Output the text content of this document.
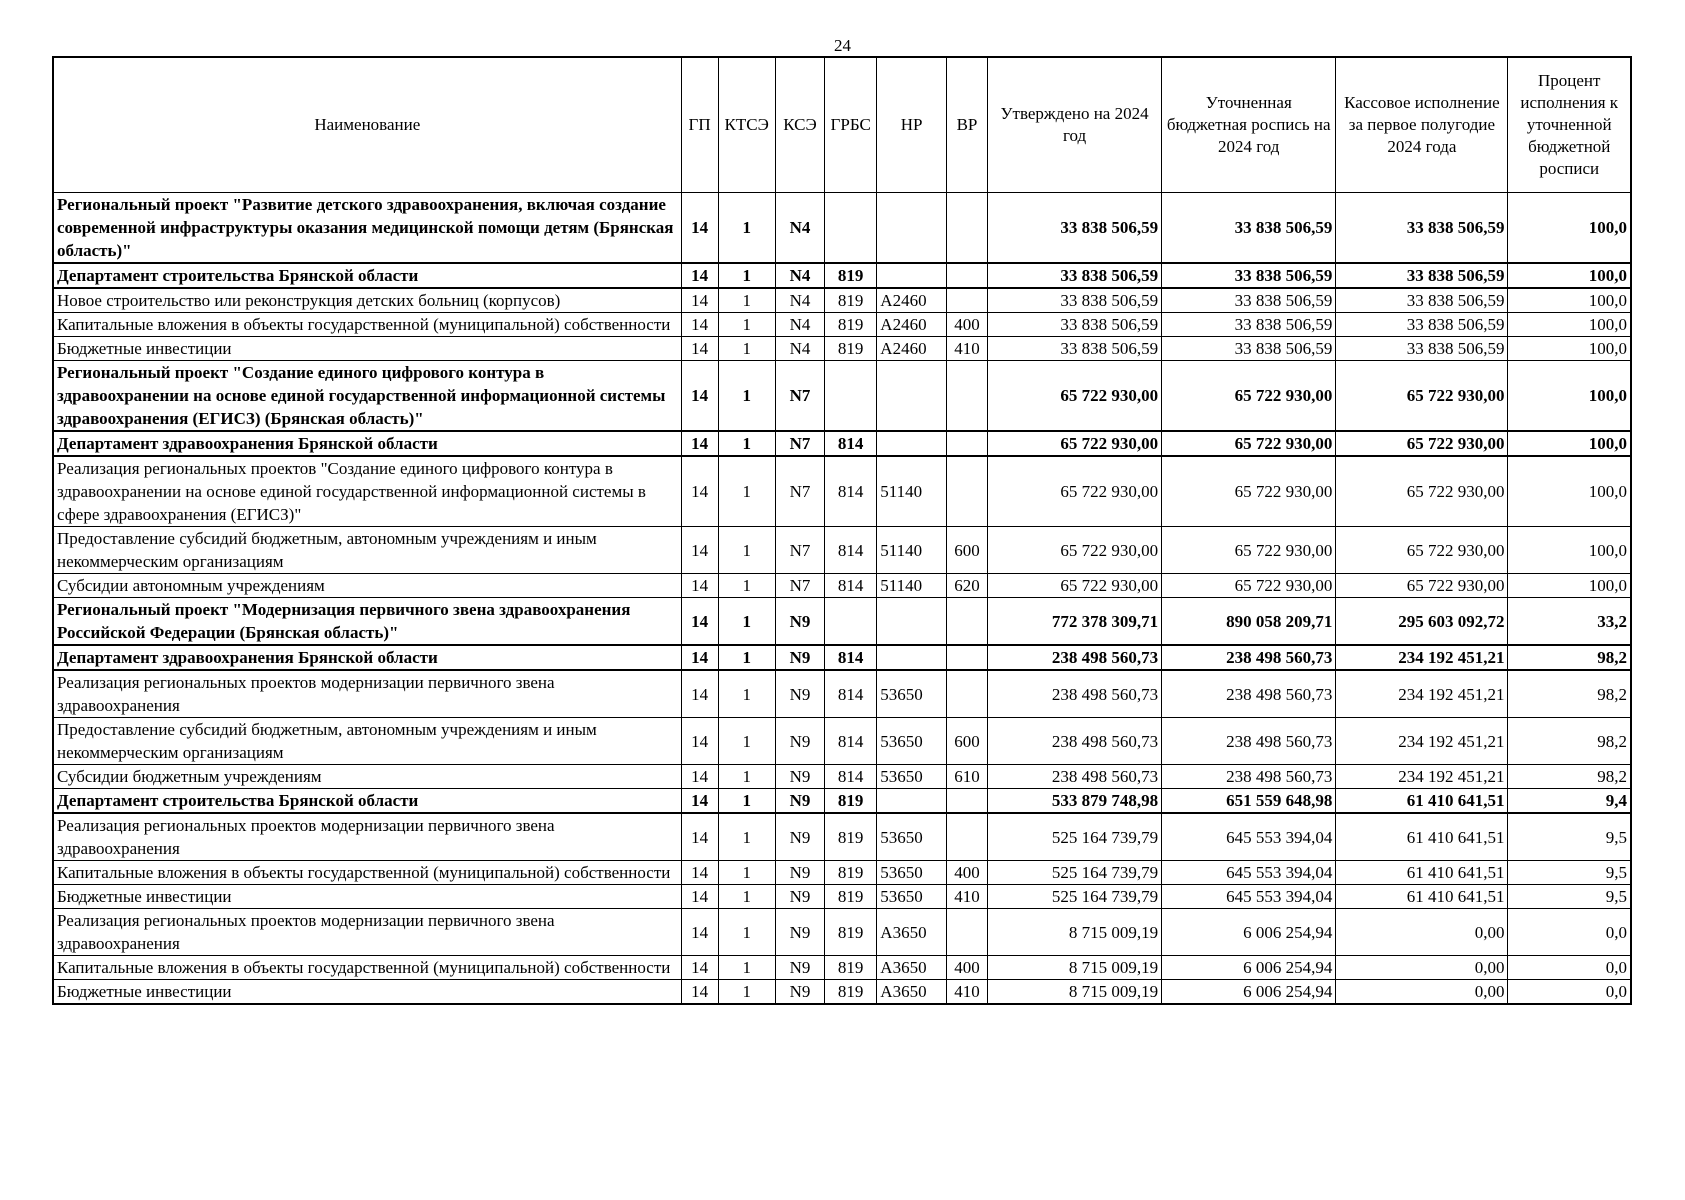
24
Наименование	ГП	КТСЭ	КСЭ	ГРБС	НР	ВР	Утверждено на 2024 год	Уточненная бюджетная роспись на 2024 год	Кассовое исполнение за первое полугодие 2024 года	Процент исполнения к уточненной бюджетной росписи
Региональный проект "Развитие детского здравоохранения, включая создание современной инфраструктуры оказания медицинской помощи детям (Брянская область)"	14	1	N4				33 838 506,59	33 838 506,59	33 838 506,59	100,0
Департамент строительства Брянской области	14	1	N4	819			33 838 506,59	33 838 506,59	33 838 506,59	100,0
Новое строительство или реконструкция детских больниц (корпусов)	14	1	N4	819	А2460		33 838 506,59	33 838 506,59	33 838 506,59	100,0
Капитальные вложения в объекты государственной (муниципальной) собственности	14	1	N4	819	А2460	400	33 838 506,59	33 838 506,59	33 838 506,59	100,0
Бюджетные инвестиции	14	1	N4	819	А2460	410	33 838 506,59	33 838 506,59	33 838 506,59	100,0
Региональный проект "Создание единого цифрового контура в здравоохранении на основе единой государственной информационной системы здравоохранения (ЕГИСЗ) (Брянская область)"	14	1	N7				65 722 930,00	65 722 930,00	65 722 930,00	100,0
Департамент здравоохранения Брянской области	14	1	N7	814			65 722 930,00	65 722 930,00	65 722 930,00	100,0
Реализация региональных проектов "Создание единого цифрового контура в здравоохранении на основе единой государственной информационной системы в сфере здравоохранения (ЕГИСЗ)"	14	1	N7	814	51140		65 722 930,00	65 722 930,00	65 722 930,00	100,0
Предоставление субсидий бюджетным, автономным учреждениям и иным некоммерческим организациям	14	1	N7	814	51140	600	65 722 930,00	65 722 930,00	65 722 930,00	100,0
Субсидии автономным учреждениям	14	1	N7	814	51140	620	65 722 930,00	65 722 930,00	65 722 930,00	100,0
Региональный проект "Модернизация первичного звена здравоохранения Российской Федерации (Брянская область)"	14	1	N9				772 378 309,71	890 058 209,71	295 603 092,72	33,2
Департамент здравоохранения Брянской области	14	1	N9	814			238 498 560,73	238 498 560,73	234 192 451,21	98,2
Реализация региональных проектов модернизации первичного звена здравоохранения	14	1	N9	814	53650		238 498 560,73	238 498 560,73	234 192 451,21	98,2
Предоставление субсидий бюджетным, автономным учреждениям и иным некоммерческим организациям	14	1	N9	814	53650	600	238 498 560,73	238 498 560,73	234 192 451,21	98,2
Субсидии бюджетным учреждениям	14	1	N9	814	53650	610	238 498 560,73	238 498 560,73	234 192 451,21	98,2
Департамент строительства Брянской области	14	1	N9	819			533 879 748,98	651 559 648,98	61 410 641,51	9,4
Реализация региональных проектов модернизации первичного звена здравоохранения	14	1	N9	819	53650		525 164 739,79	645 553 394,04	61 410 641,51	9,5
Капитальные вложения в объекты государственной (муниципальной) собственности	14	1	N9	819	53650	400	525 164 739,79	645 553 394,04	61 410 641,51	9,5
Бюджетные инвестиции	14	1	N9	819	53650	410	525 164 739,79	645 553 394,04	61 410 641,51	9,5
Реализация региональных проектов модернизации первичного звена здравоохранения	14	1	N9	819	А3650		8 715 009,19	6 006 254,94	0,00	0,0
Капитальные вложения в объекты государственной (муниципальной) собственности	14	1	N9	819	А3650	400	8 715 009,19	6 006 254,94	0,00	0,0
Бюджетные инвестиции	14	1	N9	819	А3650	410	8 715 009,19	6 006 254,94	0,00	0,0
